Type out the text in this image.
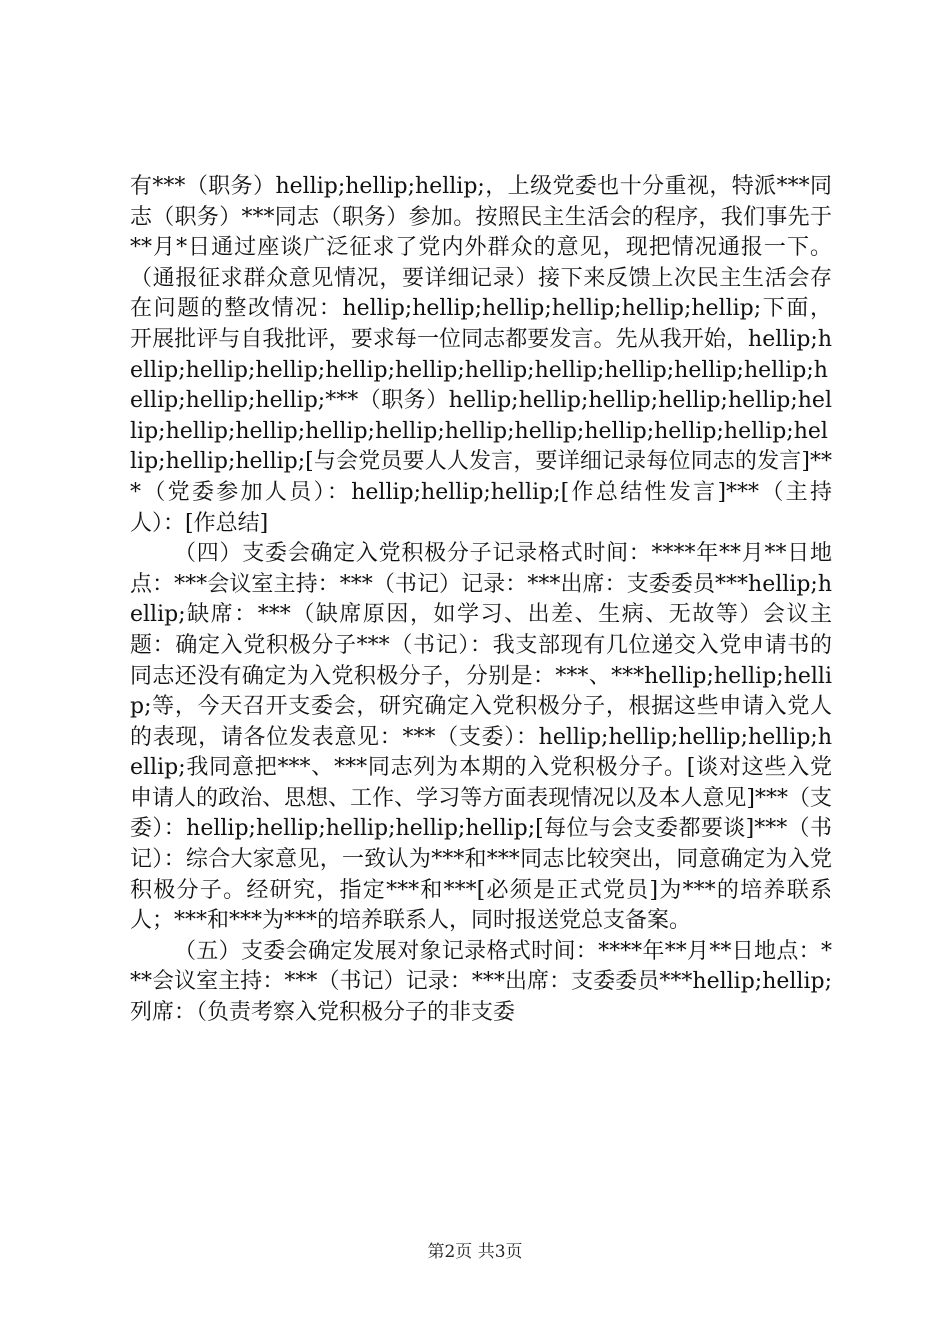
有***（职务）hellip;hellip;hellip;，上级党委也十分重视，特派***同志（职务）***同志（职务）参加。按照民主生活会的程序，我们事先于**月*日通过座谈广泛征求了党内外群众的意见，现把情况通报一下。（通报征求群众意见情况，要详细记录）接下来反馈上次民主生活会存在问题的整改情况：hellip;hellip;hellip;hellip;hellip;hellip;下面，开展批评与自我批评，要求每一位同志都要发言。先从我开始，hellip;hellip;hellip;hellip;hellip;hellip;hellip;hellip;hellip;hellip;hellip;hellip;hellip;hellip;***（职务）hellip;hellip;hellip;hellip;hellip;hellip;hellip;hellip;hellip;hellip;hellip;hellip;hellip;hellip;hellip;hellip;hellip;hellip;[与会党员要人人发言，要详细记录每位同志的发言]***（党委参加人员）：hellip;hellip;hellip;[作总结性发言]***（主持人）：[作总结]

（四）支委会确定入党积极分子记录格式时间：****年**月**日地点：***会议室主持：***（书记）记录：***出席：支委委员***hellip;hellip;缺席：***（缺席原因，如学习、出差、生病、无故等）会议主题：确定入党积极分子***（书记）：我支部现有几位递交入党申请书的同志还没有确定为入党积极分子，分别是：***、***hellip;hellip;hellip;等，今天召开支委会，研究确定入党积极分子，根据这些申请入党人的表现，请各位发表意见：***（支委）：hellip;hellip;hellip;hellip;hellip;我同意把***、***同志列为本期的入党积极分子。[谈对这些入党申请人的政治、思想、工作、学习等方面表现情况以及本人意见]***（支委）：hellip;hellip;hellip;hellip;hellip;[每位与会支委都要谈]***（书记）：综合大家意见，一致认为***和***同志比较突出，同意确定为入党积极分子。经研究，指定***和***[必须是正式党员]为***的培养联系人；***和***为***的培养联系人，同时报送党总支备案。

（五）支委会确定发展对象记录格式时间：****年**月**日地点：***会议室主持：***（书记）记录：***出席：支委委员***hellip;hellip;列席：（负责考察入党积极分子的非支委

第2页 共3页
